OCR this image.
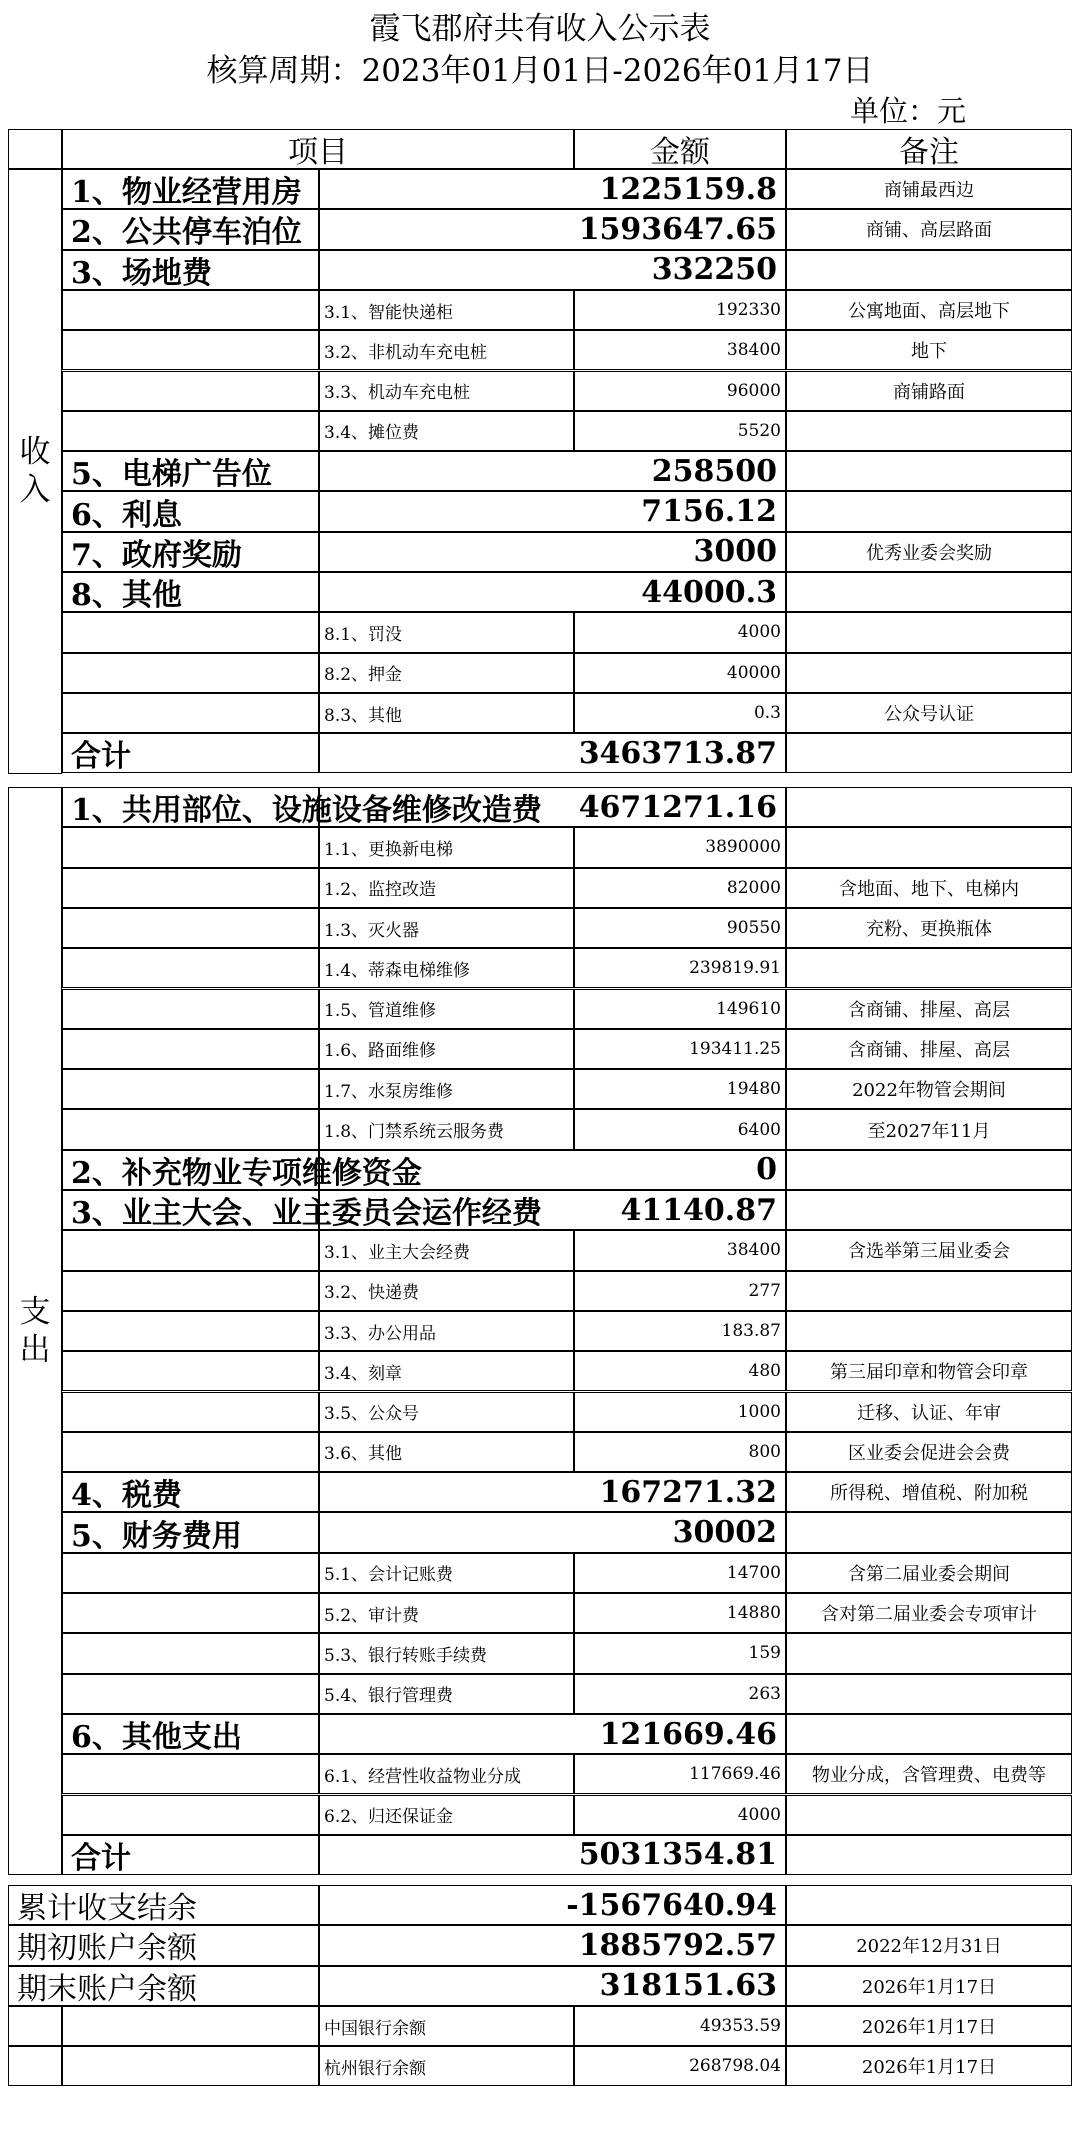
霞飞郡府共有收入公示表
核算周期：2023年01月01日-2026年01月17日
单位：元
项目	金额	备注
收入
1、物业经营用房	1225159.8	商铺最西边
2、公共停车泊位	1593647.65	商铺、高层路面
3、场地费	332250
3.1、智能快递柜	192330	公寓地面、高层地下
3.2、非机动车充电桩	38400	地下
3.3、机动车充电桩	96000	商铺路面
3.4、摊位费	5520
5、电梯广告位	258500
6、利息	7156.12
7、政府奖励	3000	优秀业委会奖励
8、其他	44000.3
8.1、罚没	4000
8.2、押金	40000
8.3、其他	0.3	公众号认证
合计	3463713.87
支出
1、共用部位、设施设备维修改造费	4671271.16
1.1、更换新电梯	3890000
1.2、监控改造	82000	含地面、地下、电梯内
1.3、灭火器	90550	充粉、更换瓶体
1.4、蒂森电梯维修	239819.91
1.5、管道维修	149610	含商铺、排屋、高层
1.6、路面维修	193411.25	含商铺、排屋、高层
1.7、水泵房维修	19480	2022年物管会期间
1.8、门禁系统云服务费	6400	至2027年11月
2、补充物业专项维修资金	0
3、业主大会、业主委员会运作经费	41140.87
3.1、业主大会经费	38400	含选举第三届业委会
3.2、快递费	277
3.3、办公用品	183.87
3.4、刻章	480	第三届印章和物管会印章
3.5、公众号	1000	迁移、认证、年审
3.6、其他	800	区业委会促进会会费
4、税费	167271.32	所得税、增值税、附加税
5、财务费用	30002
5.1、会计记账费	14700	含第二届业委会期间
5.2、审计费	14880	含对第二届业委会专项审计
5.3、银行转账手续费	159
5.4、银行管理费	263
6、其他支出	121669.46
6.1、经营性收益物业分成	117669.46	物业分成，含管理费、电费等
6.2、归还保证金	4000
合计	5031354.81
累计收支结余	-1567640.94
期初账户余额	1885792.57	2022年12月31日
期末账户余额	318151.63	2026年1月17日
中国银行余额	49353.59	2026年1月17日
杭州银行余额	268798.04	2026年1月17日
